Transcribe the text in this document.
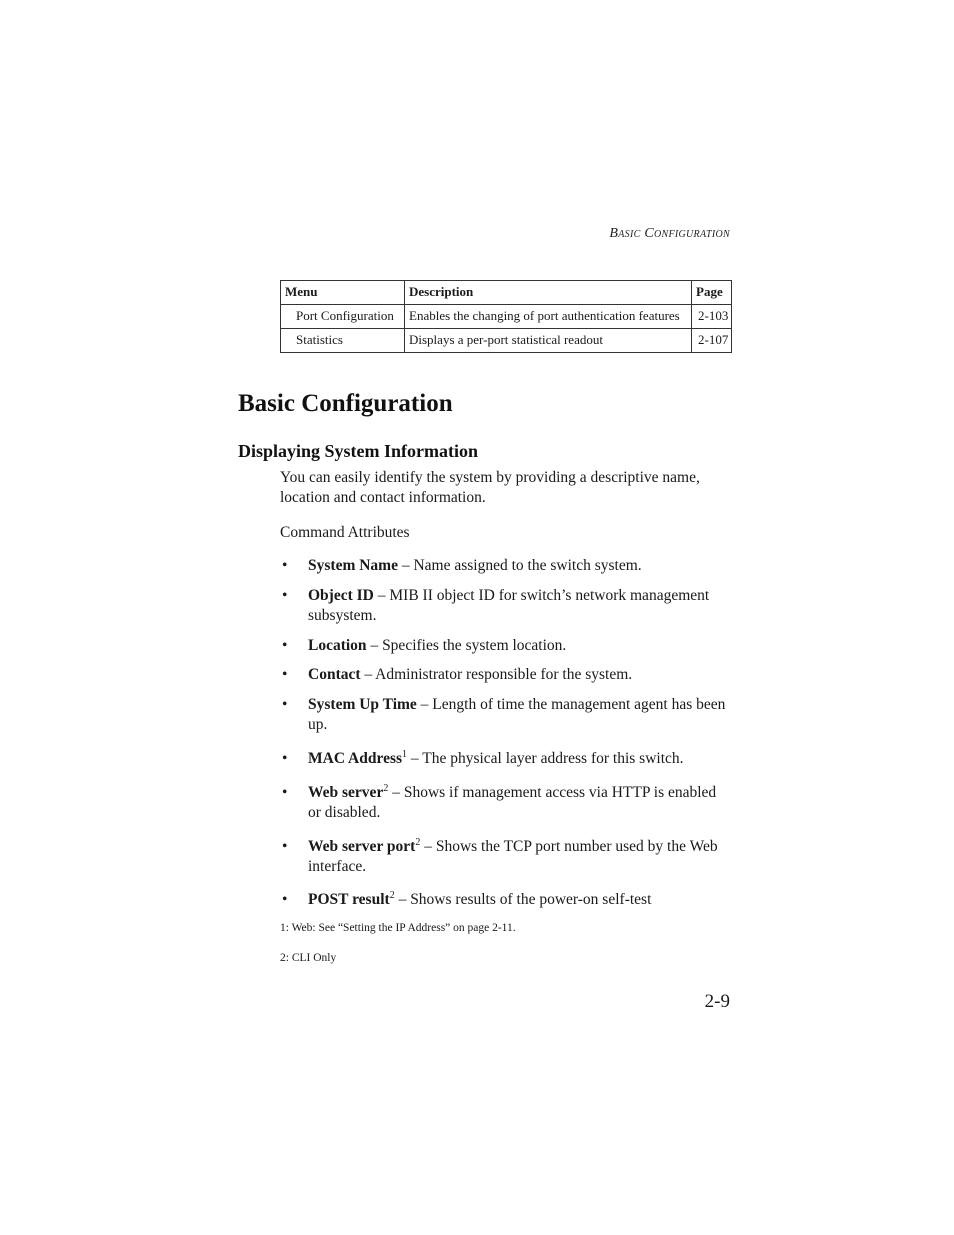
Basic Configuration
Menu	Description	Page
Port Configuration	Enables the changing of port authentication features	2-103
Statistics	Displays a per-port statistical readout	2-107
Basic Configuration
Displaying System Information

You can easily identify the system by providing a descriptive name, location and contact information.

Command Attributes

• System Name – Name assigned to the switch system.
• Object ID – MIB II object ID for switch’s network management subsystem.
• Location – Specifies the system location.
• Contact – Administrator responsible for the system.
• System Up Time – Length of time the management agent has been up.
• MAC Address$^1$ – The physical layer address for this switch.
• Web server$^2$ – Shows if management access via HTTP is enabled or disabled.
• Web server port$^2$ – Shows the TCP port number used by the Web interface.
• POST result$^2$ – Shows results of the power-on self-test

1: Web: See “Setting the IP Address” on page 2-11.

2: CLI Only

2-9
